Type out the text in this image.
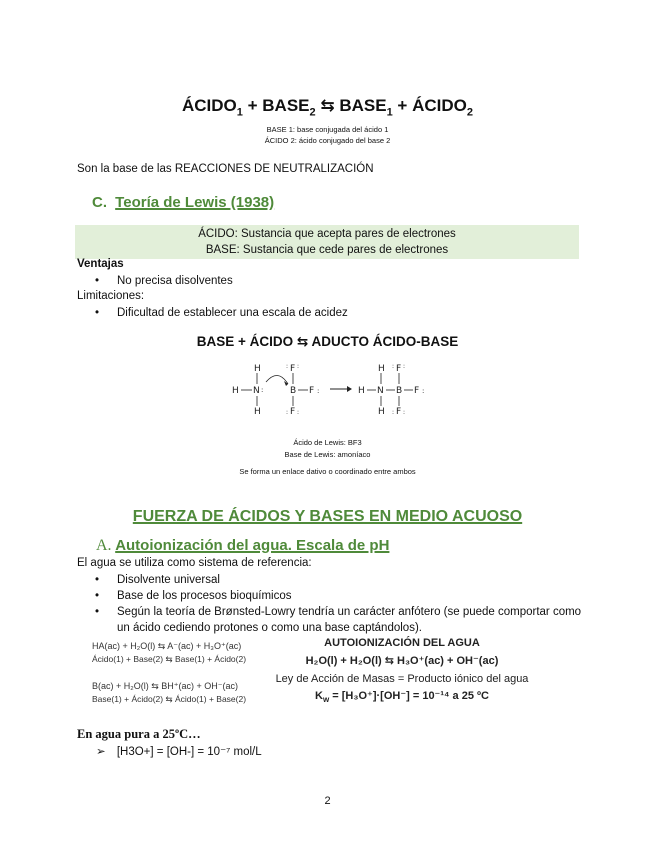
$ÁCIDO_1$ + $BASE_2$ ⇆ $BASE_1$ + $ÁCIDO_2$
BASE 1: base conjugada del ácido 1
ÁCIDO 2: ácido conjugado del base 2
Son la base de las REACCIONES DE NEUTRALIZACIÓN
C. Teoría de Lewis (1938)
ÁCIDO: Sustancia que acepta pares de electrones
BASE: Sustancia que cede pares de electrones
Ventajas
• No precisa disolventes
Limitaciones:
• Dificultad de establecer una escala de acidez
BASE + ÁCIDO ⇆ ADUCTO ÁCIDO-BASE
H N :
H
H
B F :
F
: :
F
: :
H N
H
H
B F :
F
: :
F
: :
Ácido de Lewis: BF3
Base de Lewis: amoníaco
Se forma un enlace dativo o coordinado entre ambos
FUERZA DE ÁCIDOS Y BASES EN MEDIO ACUOSO
A. Autoionización del agua. Escala de pH
El agua se utiliza como sistema de referencia:
• Disolvente universal
• Base de los procesos bioquímicos
• Según la teoría de Brønsted-Lowry tendría un carácter anfótero (se puede comportar como un ácido cediendo protones o como una base captándolos).
HA(ac) + H₂O(l) ⇆ A⁻(ac) + H₃O⁺(ac)
Ácido(1) + Base(2) ⇆ Base(1) + Ácido(2)
B(ac) + H₂O(l) ⇆ BH⁺(ac) + OH⁻(ac)
Base(1) + Ácido(2) ⇆ Ácido(1) + Base(2)
AUTOIONIZACIÓN DEL AGUA
H₂O(l) + H₂O(l) ⇆ H₃O⁺(ac) + OH⁻(ac)
Ley de Acción de Masas = Producto iónico del agua
$K_w = [H_3O^+]\cdot[OH^-] = 10^{-14}$ a 25 ºC
En agua pura a 25ºC…
➢ [H3O+] = [OH-] = 10⁻⁷ mol/L
2
